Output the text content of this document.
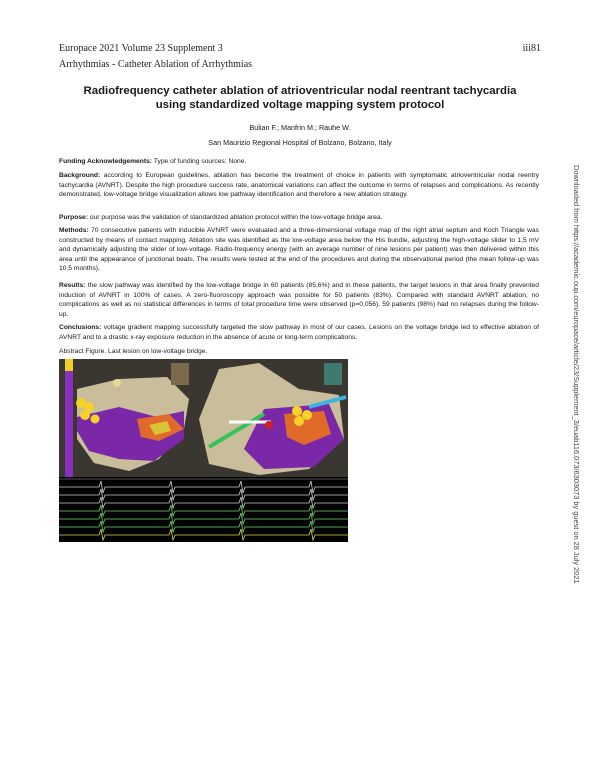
Europace 2021 Volume 23 Supplement 3	iii81
Arrhythmias - Catheter Ablation of Arrhythmias
Radiofrequency catheter ablation of atrioventricular nodal reentrant tachycardia using standardized voltage mapping system protocol
Bulian F.; Manfrin M.; Rauhe W.
San Maurizio Regional Hospital of Bolzano, Bolzano, Italy

Funding Acknowledgements: Type of funding sources: None.

Background: according to European guidelines, ablation has become the treatment of choice in patients with symptomatic atrioventricular nodal reentry tachycardia (AVNRT). Despite the high procedure success rate, anatomical variations can affect the outcome in terms of relapses and complications. As recently demonstrated, low-voltage bridge visualization allows low pathway identification and therefore a new ablation strategy.

Purpose: our purpose was the validation of standardized ablation protocol within the low-voltage bridge area.

Methods: 70 consecutive patients with inducible AVNRT were evaluated and a three-dimensional voltage map of the right atrial septum and Koch Triangle was constructed by means of contact mapping. Ablation site was identified as the low-voltage area below the His bundle, adjusting the high-voltage slider to 1,5 mV and dynamically adjusting the slider of low-voltage. Radio-frequency energy (with an average number of nine lesions per patient) was then delivered within this area until the appearance of junctional beats. The results were tested at the end of the procedures and during the observational period (the mean follow-up was 10,5 months).

Results: the slow pathway was identified by the low-voltage bridge in 60 patients (85,6%) and in these patients, the target lesions in that area finally prevented induction of AVNRT in 100% of cases. A zero-fluoroscopy approach was possible for 50 patients (83%). Compared with standard AVNRT ablation, no complications as well as no statistical differences in terms of total procedure time were observed (p=0,056). 59 patients (98%) had no relapses during the follow-up.

Conclusions: voltage gradient mapping successfully targeted the slow pathway in most of our cases. Lesions on the voltage bridge led to effective ablation of AVNRT and to a drastic x-ray exposure reduction in the absence of acute or long-term complications.

Abstract Figure. Last lesion on low-voltage bridge.	Downloaded from https://academic.oup.com/europace/article/23/Supplement_3/euab116.073/6303073 by guest on 28 July 2021
